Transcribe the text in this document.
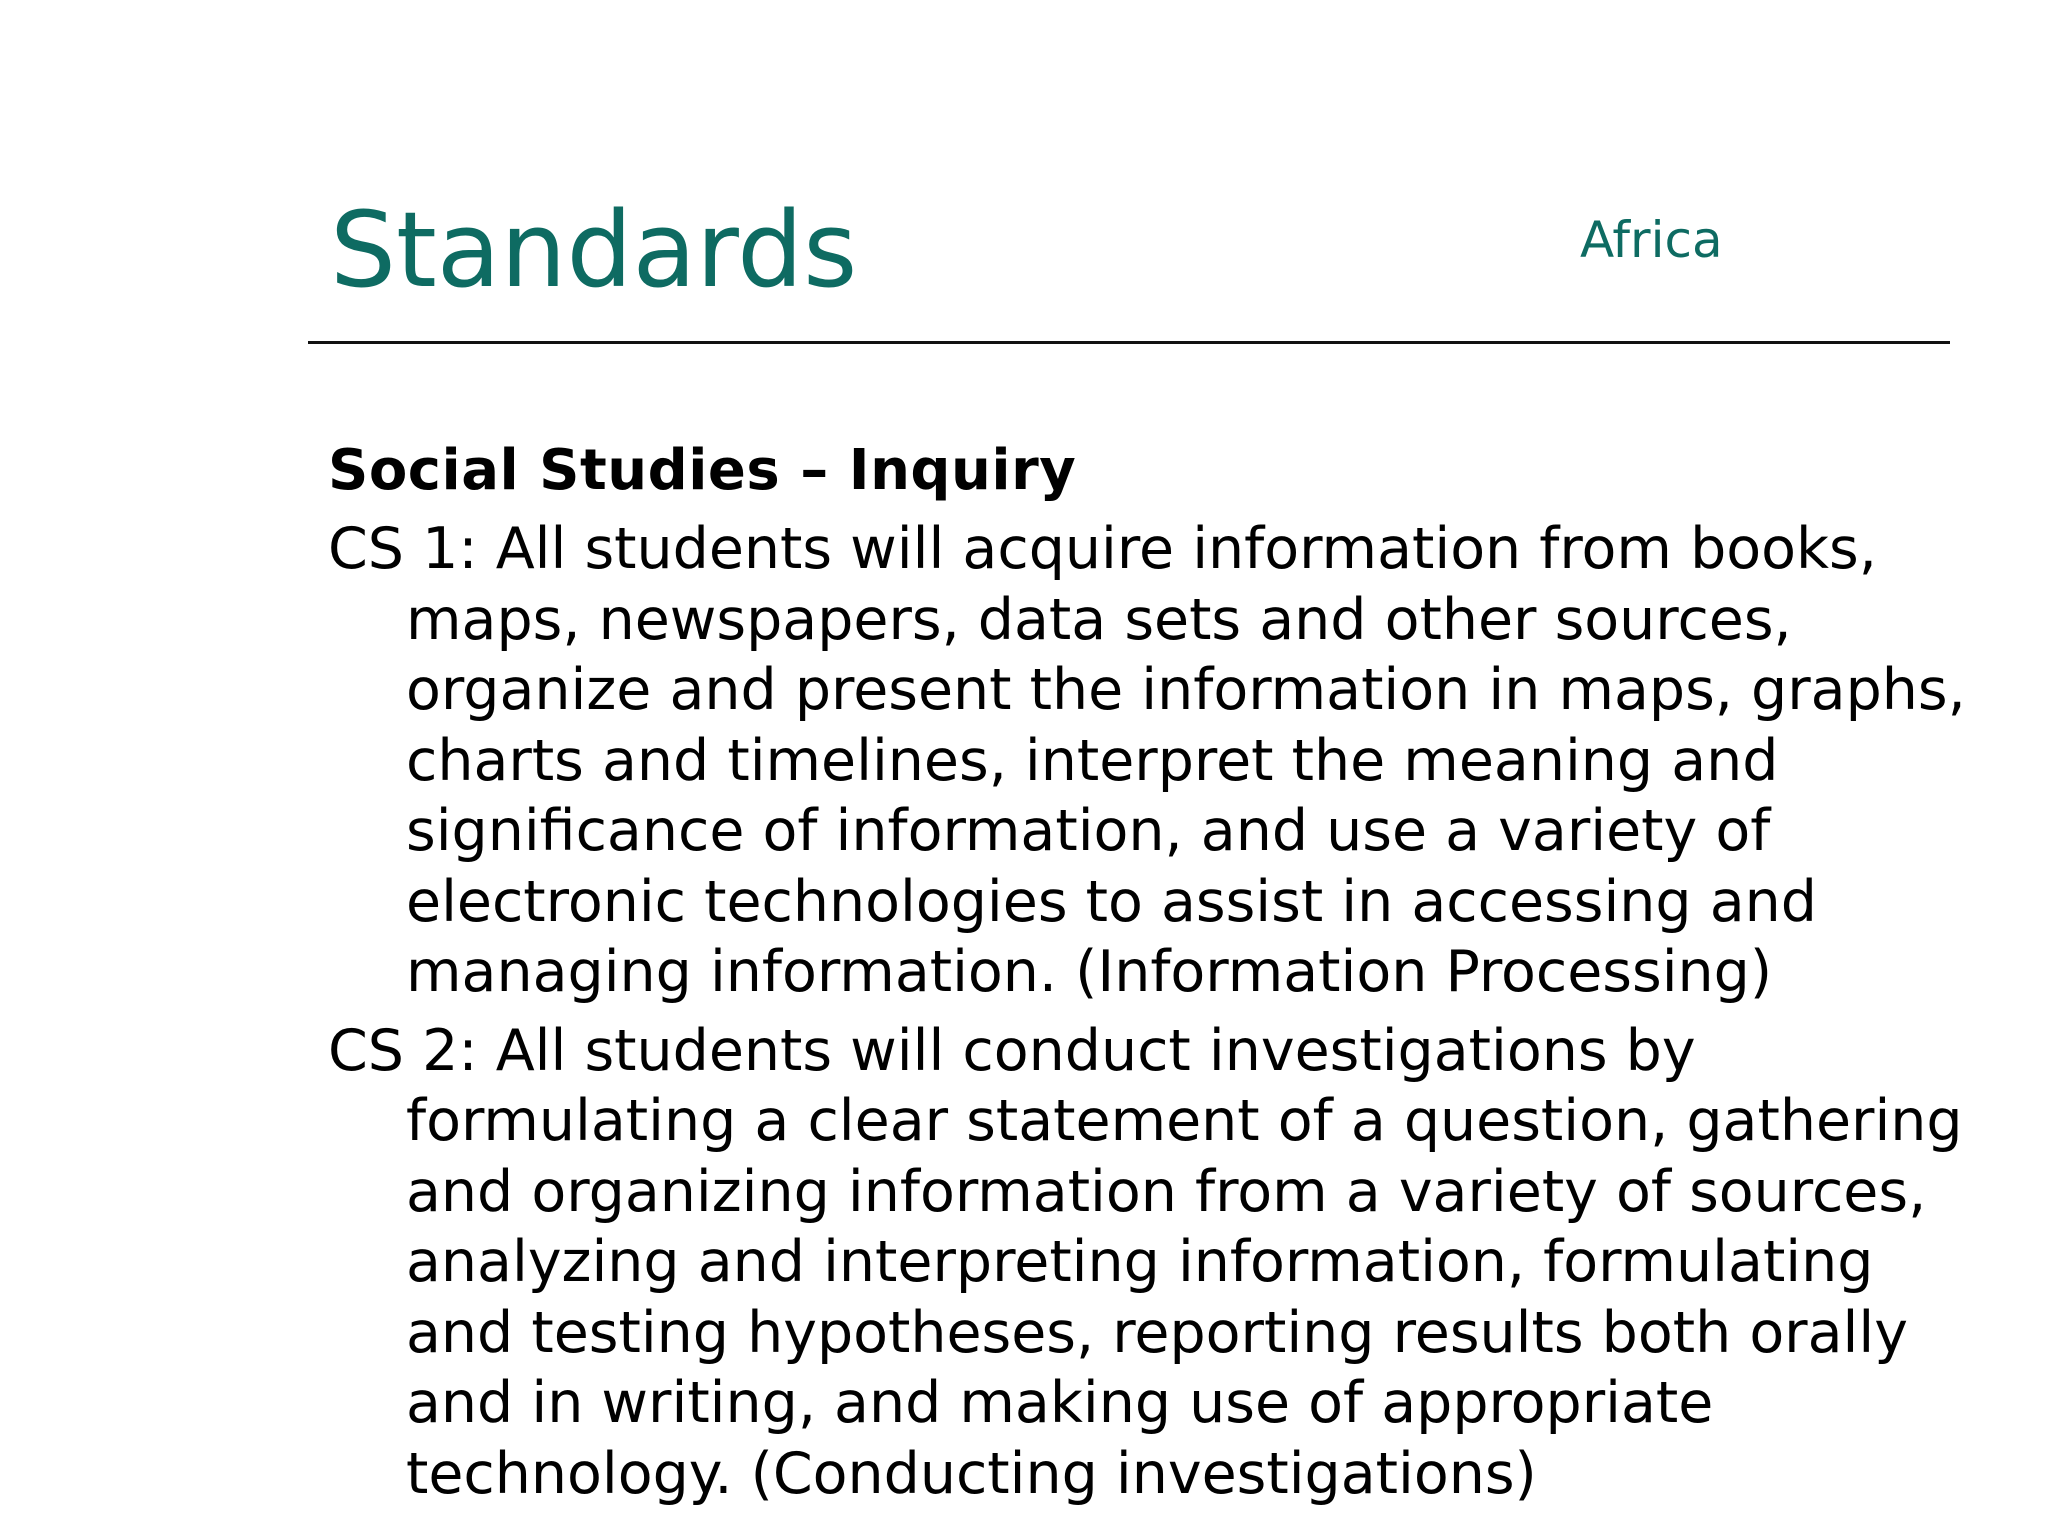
Standards	Africa
Social Studies – Inquiry

CS 1: All students will acquire information from books, maps, newspapers, data sets and other sources, organize and present the information in maps, graphs, charts and timelines, interpret the meaning and significance of information, and use a variety of electronic technologies to assist in accessing and managing information. (Information Processing)

CS 2: All students will conduct investigations by formulating a clear statement of a question, gathering and organizing information from a variety of sources, analyzing and interpreting information, formulating and testing hypotheses, reporting results both orally and in writing, and making use of appropriate technology. (Conducting investigations)
